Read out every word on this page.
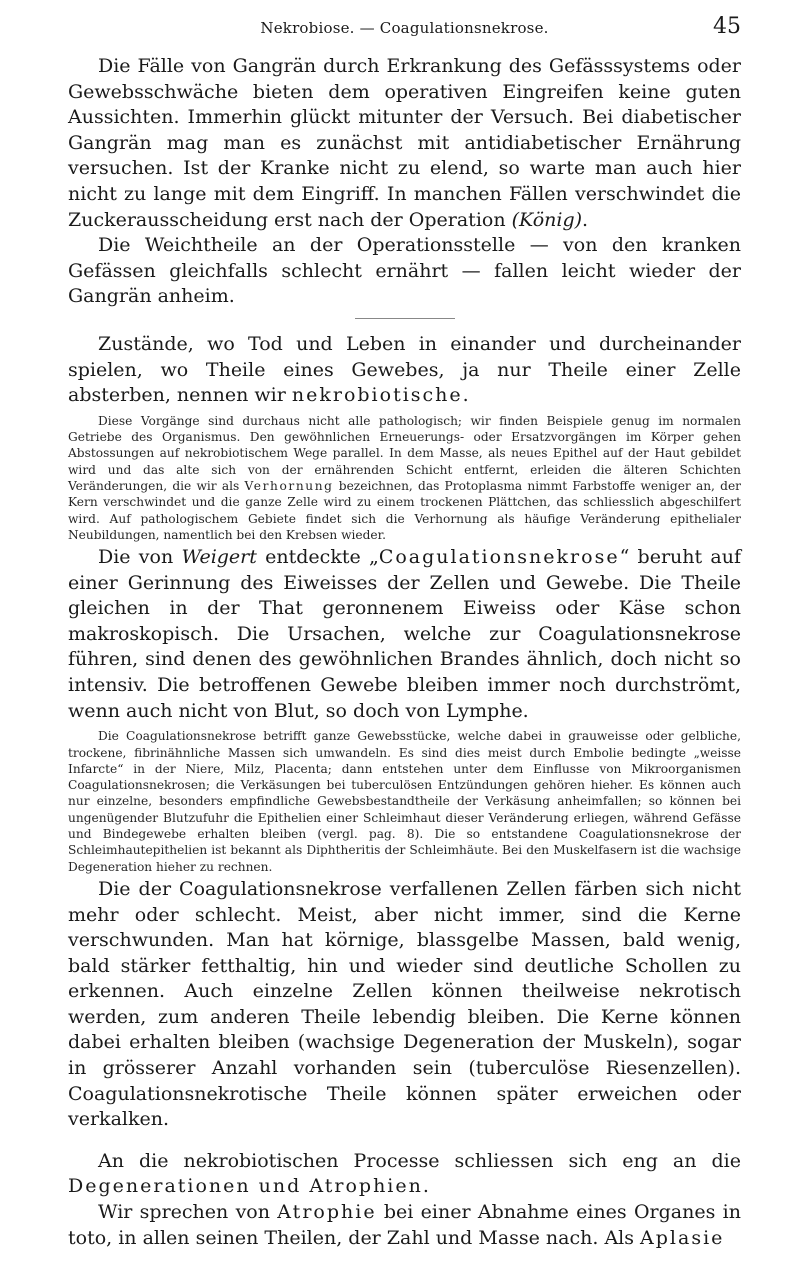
Nekrobiose. — Coagulationsnekrose.	45

Die Fälle von Gangrän durch Erkrankung des Gefässsystems oder Gewebsschwäche bieten dem operativen Eingreifen keine guten Aussichten. Immerhin glückt mitunter der Versuch. Bei diabetischer Gangrän mag man es zunächst mit antidiabetischer Ernährung versuchen. Ist der Kranke nicht zu elend, so warte man auch hier nicht zu lange mit dem Eingriff. In manchen Fällen verschwindet die Zuckerausscheidung erst nach der Operation (König).

Die Weichtheile an der Operationsstelle — von den kranken Gefässen gleichfalls schlecht ernährt — fallen leicht wieder der Gangrän anheim.

Zustände, wo Tod und Leben in einander und durcheinander spielen, wo Theile eines Gewebes, ja nur Theile einer Zelle absterben, nennen wir nekrobiotische.

Diese Vorgänge sind durchaus nicht alle pathologisch; wir finden Beispiele genug im normalen Getriebe des Organismus. Den gewöhnlichen Erneuerungs- oder Ersatzvorgängen im Körper gehen Abstossungen auf nekrobiotischem Wege parallel. In dem Masse, als neues Epithel auf der Haut gebildet wird und das alte sich von der ernährenden Schicht entfernt, erleiden die älteren Schichten Veränderungen, die wir als Verhornung bezeichnen, das Protoplasma nimmt Farbstoffe weniger an, der Kern verschwindet und die ganze Zelle wird zu einem trockenen Plättchen, das schliesslich abgeschilfert wird. Auf pathologischem Gebiete findet sich die Verhornung als häufige Veränderung epithelialer Neubildungen, namentlich bei den Krebsen wieder.

Die von Weigert entdeckte „Coagulationsnekrose“ beruht auf einer Gerinnung des Eiweisses der Zellen und Gewebe. Die Theile gleichen in der That geronnenem Eiweiss oder Käse schon makroskopisch. Die Ursachen, welche zur Coagulationsnekrose führen, sind denen des gewöhnlichen Brandes ähnlich, doch nicht so intensiv. Die betroffenen Gewebe bleiben immer noch durchströmt, wenn auch nicht von Blut, so doch von Lymphe.

Die Coagulationsnekrose betrifft ganze Gewebsstücke, welche dabei in grauweisse oder gelbliche, trockene, fibrinähnliche Massen sich umwandeln. Es sind dies meist durch Embolie bedingte „weisse Infarcte“ in der Niere, Milz, Placenta; dann entstehen unter dem Einflusse von Mikroorganismen Coagulationsnekrosen; die Verkäsungen bei tuberculösen Entzündungen gehören hieher. Es können auch nur einzelne, besonders empfindliche Gewebsbestandtheile der Verkäsung anheimfallen; so können bei ungenügender Blutzufuhr die Epithelien einer Schleimhaut dieser Veränderung erliegen, während Gefässe und Bindegewebe erhalten bleiben (vergl. pag. 8). Die so entstandene Coagulationsnekrose der Schleimhautepithelien ist bekannt als Diphtheritis der Schleimhäute. Bei den Muskelfasern ist die wachsige Degeneration hieher zu rechnen.

Die der Coagulationsnekrose verfallenen Zellen färben sich nicht mehr oder schlecht. Meist, aber nicht immer, sind die Kerne verschwunden. Man hat körnige, blassgelbe Massen, bald wenig, bald stärker fetthaltig, hin und wieder sind deutliche Schollen zu erkennen. Auch einzelne Zellen können theilweise nekrotisch werden, zum anderen Theile lebendig bleiben. Die Kerne können dabei erhalten bleiben (wachsige Degeneration der Muskeln), sogar in grösserer Anzahl vorhanden sein (tuberculöse Riesenzellen). Coagulationsnekrotische Theile können später erweichen oder verkalken.

An die nekrobiotischen Processe schliessen sich eng an die Degenerationen und Atrophien.

Wir sprechen von Atrophie bei einer Abnahme eines Organes in toto, in allen seinen Theilen, der Zahl und Masse nach. Als Aplasie
